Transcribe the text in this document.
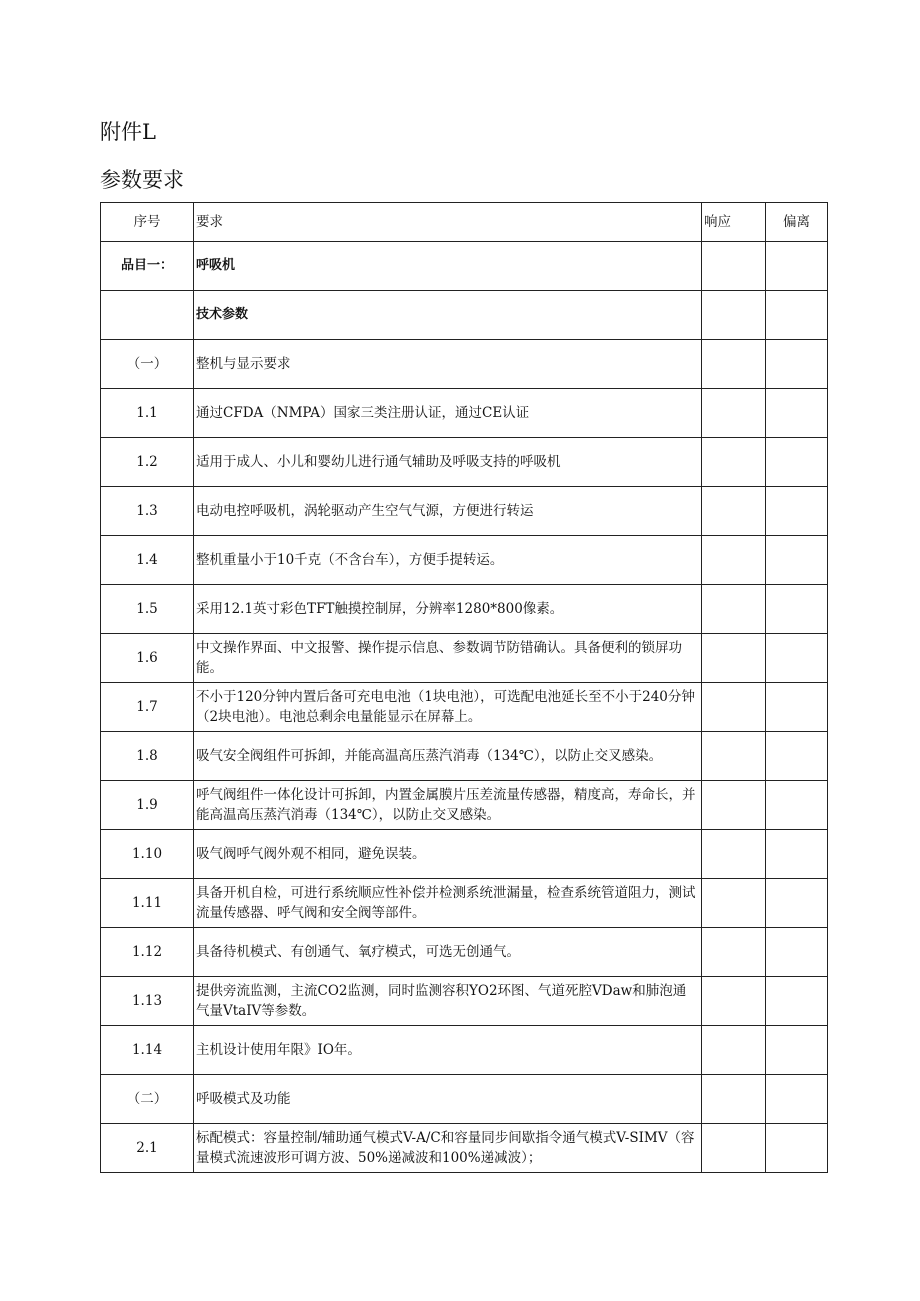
附件L
参数要求
序号	要求	响应	偏离
品目一：	呼吸机		
	技术参数		
（一）	整机与显示要求		
1.1	通过CFDA（NMPA）国家三类注册认证，通过CE认证		
1.2	适用于成人、小儿和婴幼儿进行通气辅助及呼吸支持的呼吸机		
1.3	电动电控呼吸机，涡轮驱动产生空气气源，方便进行转运		
1.4	整机重量小于10千克（不含台车），方便手提转运。		
1.5	采用12.1英寸彩色TFT触摸控制屏，分辨率1280*800像素。		
1.6	中文操作界面、中文报警、操作提示信息、参数调节防错确认。具备便利的锁屏功能。		
1.7	不小于120分钟内置后备可充电电池（1块电池），可选配电池延长至不小于240分钟（2块电池）。电池总剩余电量能显示在屏幕上。		
1.8	吸气安全阀组件可拆卸，并能高温高压蒸汽消毒（134℃），以防止交叉感染。		
1.9	呼气阀组件一体化设计可拆卸，内置金属膜片压差流量传感器，精度高，寿命长，并能高温高压蒸汽消毒（134℃），以防止交叉感染。		
1.10	吸气阀呼气阀外观不相同，避免误装。		
1.11	具备开机自检，可进行系统顺应性补偿并检测系统泄漏量，检查系统管道阻力，测试流量传感器、呼气阀和安全阀等部件。		
1.12	具备待机模式、有创通气、氧疗模式，可选无创通气。		
1.13	提供旁流监测，主流CO2监测，同时监测容积YO2环图、气道死腔VDaw和肺泡通气量VtaIV等参数。		
1.14	主机设计使用年限》IO年。		
（二）	呼吸模式及功能		
2.1	标配模式：容量控制/辅助通气模式V-A/C和容量同步间歇指令通气模式V-SIMV（容量模式流速波形可调方波、50%递减波和100%递减波）；		
